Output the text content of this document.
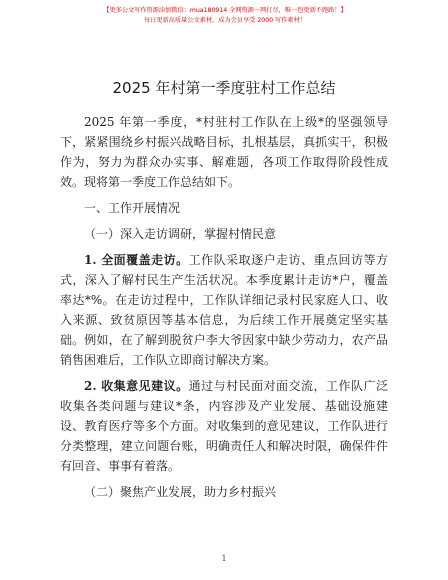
【更多公文写作资源添加微信：mua180914 全网资源一网打尽，唯一包更新不跑路！】
每日更新高质量公文素材，成为会员享受 2000 写作素材！
2025 年村第一季度驻村工作总结

2025 年第一季度，*村驻村工作队在上级*的坚强领导下，紧紧围绕乡村振兴战略目标，扎根基层，真抓实干，积极作为，努力为群众办实事、解难题，各项工作取得阶段性成效。现将第一季度工作总结如下。

一、工作开展情况

（一）深入走访调研，掌握村情民意

1. 全面覆盖走访。工作队采取逐户走访、重点回访等方式，深入了解村民生产生活状况。本季度累计走访*户，覆盖率达*%。在走访过程中，工作队详细记录村民家庭人口、收入来源、致贫原因等基本信息，为后续工作开展奠定坚实基础。例如，在了解到脱贫户李大爷因家中缺少劳动力，农产品销售困难后，工作队立即商讨解决方案。

2. 收集意见建议。通过与村民面对面交流，工作队广泛收集各类问题与建议*条，内容涉及产业发展、基础设施建设、教育医疗等多个方面。对收集到的意见建议，工作队进行分类整理，建立问题台账，明确责任人和解决时限，确保件件有回音、事事有着落。

（二）聚焦产业发展，助力乡村振兴

1
